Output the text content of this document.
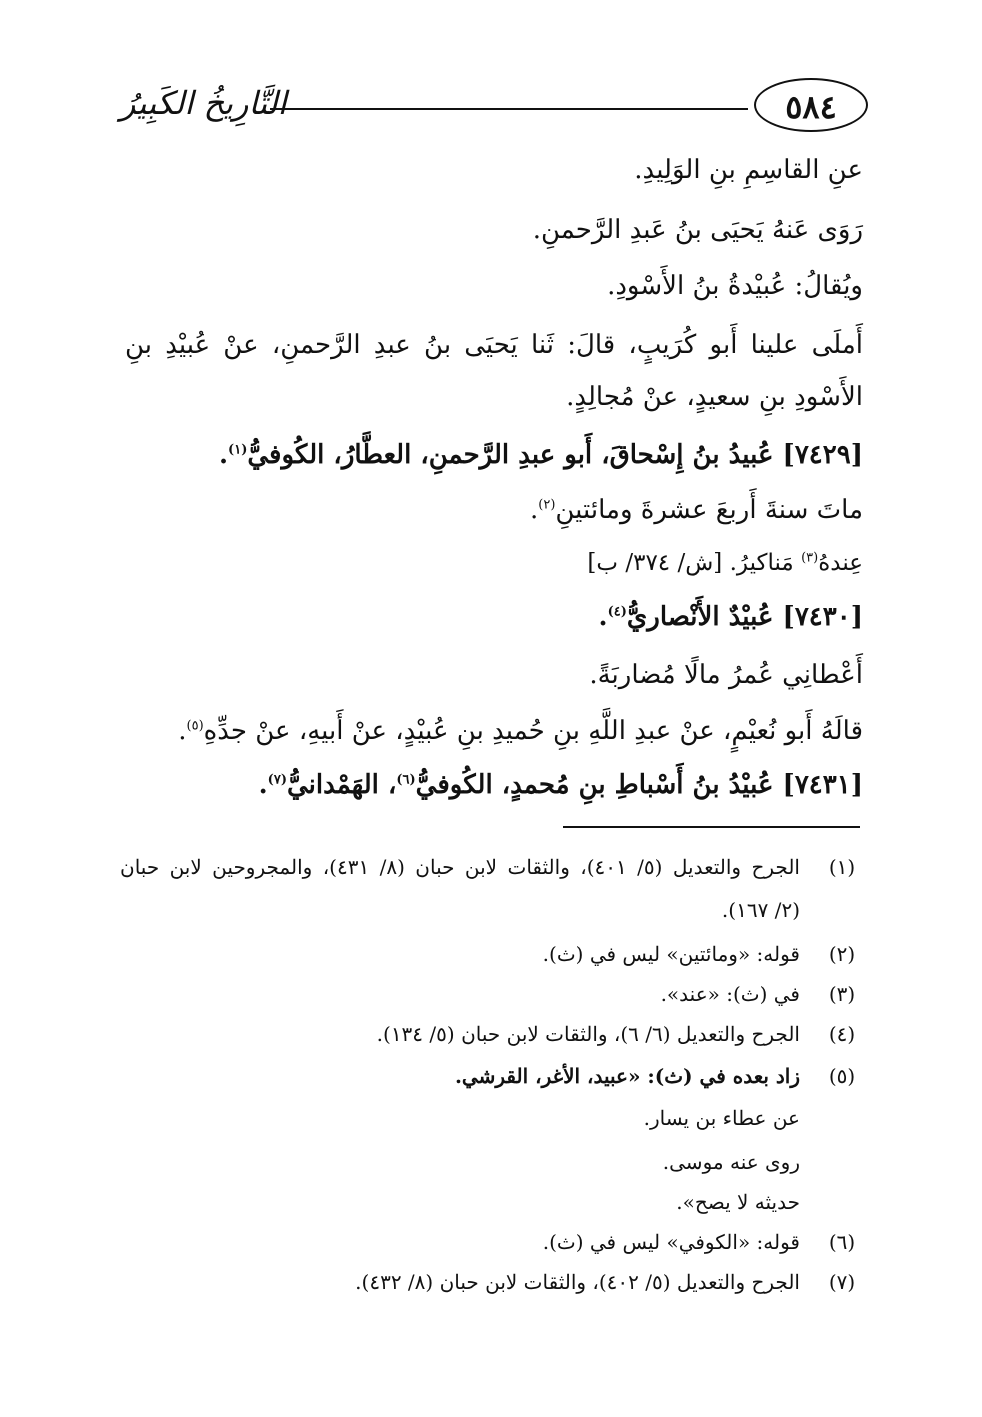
التَّارِيخُ الكَبِيرُ	٥٨٤
عنِ القاسِمِ بنِ الوَلِيدِ.
رَوَى عَنهُ يَحيَى بنُ عَبدِ الرَّحمنِ.
ويُقالُ: عُبيْدةُ بنُ الأَسْودِ.
أَملَى علينا أَبو كُرَيبٍ، قالَ: ثَنا يَحيَى بنُ عبدِ الرَّحمنِ، عنْ عُبيْدِ بنِ
الأَسْودِ بنِ سعيدٍ، عنْ مُجالِدٍ.
[٧٤٢٩] عُبيدُ بنُ إِسْحاقَ، أَبو عبدِ الرَّحمنِ، العطَّارُ، الكُوفيُّ$^{(١)}$.
ماتَ سنةَ أَربعَ عشرةَ ومائتينِ$^{(٢)}$.
عِندهُ$^{(٣)}$ مَناكيرُ. [ش/ ٣٧٤/ ب]
[٧٤٣٠] عُبيْدٌ الأَنْصاريُّ$^{(٤)}$.
أَعْطانِي عُمرُ مالًا مُضاربَةً.
قالَهُ أَبو نُعيْمٍ، عنْ عبدِ اللَّهِ بنِ حُميدِ بنِ عُبيْدٍ، عنْ أَبيهِ، عنْ جدِّهِ$^{(٥)}$.
[٧٤٣١] عُبيْدُ بنُ أَسْباطِ بنِ مُحمدٍ، الكُوفيُّ$^{(٦)}$، الهَمْدانيُّ$^{(٧)}$.
(١)
الجرح والتعديل (٥/ ٤٠١)، والثقات لابن حبان (٨/ ٤٣١)، والمجروحين لابن حبان
(٢/ ١٦٧).
(٢)
قوله: «ومائتين» ليس في (ث).
(٣)
في (ث): «عند».
(٤)
الجرح والتعديل (٦/ ٦)، والثقات لابن حبان (٥/ ١٣٤).
(٥)
زاد بعده في (ث): «عبيد، الأغر، القرشي.
عن عطاء بن يسار.
روى عنه موسى.
حديثه لا يصح».
(٦)
قوله: «الكوفي» ليس في (ث).
(٧)
الجرح والتعديل (٥/ ٤٠٢)، والثقات لابن حبان (٨/ ٤٣٢).
